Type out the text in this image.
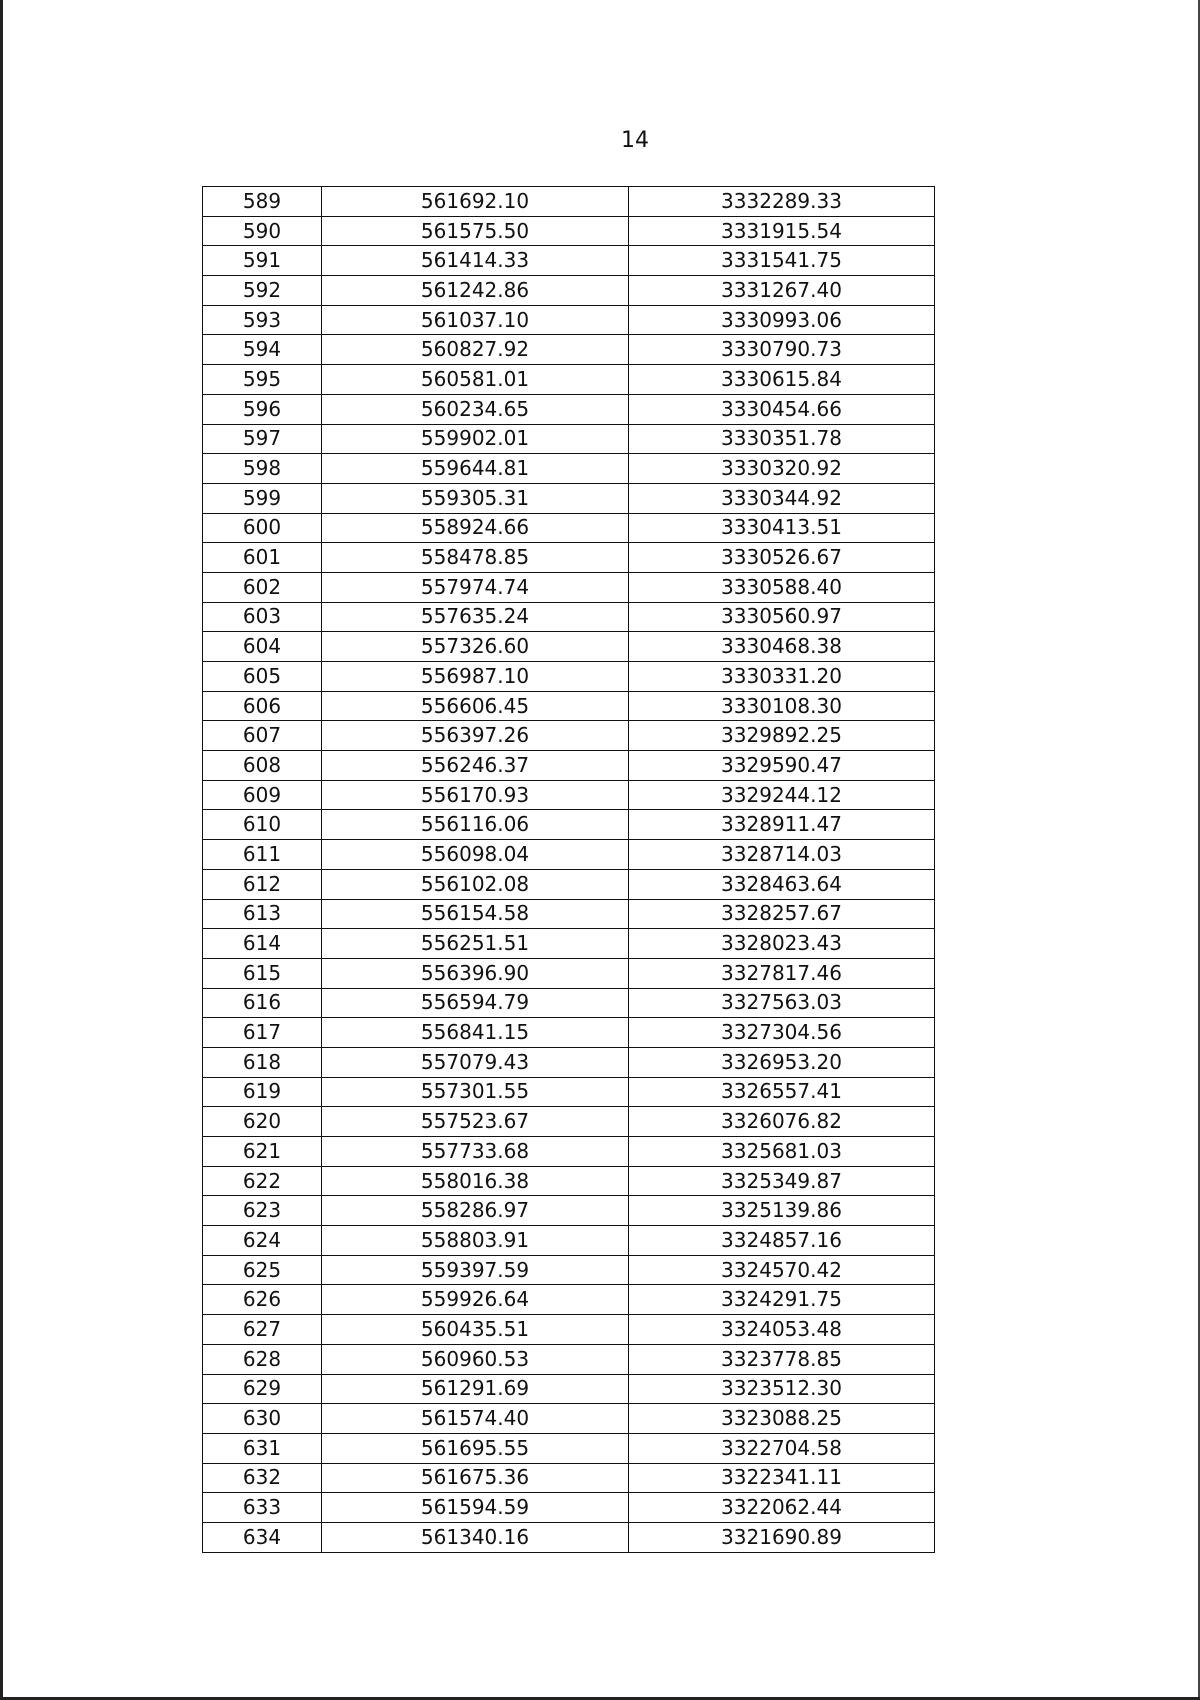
14
589	561692.10	3332289.33
590	561575.50	3331915.54
591	561414.33	3331541.75
592	561242.86	3331267.40
593	561037.10	3330993.06
594	560827.92	3330790.73
595	560581.01	3330615.84
596	560234.65	3330454.66
597	559902.01	3330351.78
598	559644.81	3330320.92
599	559305.31	3330344.92
600	558924.66	3330413.51
601	558478.85	3330526.67
602	557974.74	3330588.40
603	557635.24	3330560.97
604	557326.60	3330468.38
605	556987.10	3330331.20
606	556606.45	3330108.30
607	556397.26	3329892.25
608	556246.37	3329590.47
609	556170.93	3329244.12
610	556116.06	3328911.47
611	556098.04	3328714.03
612	556102.08	3328463.64
613	556154.58	3328257.67
614	556251.51	3328023.43
615	556396.90	3327817.46
616	556594.79	3327563.03
617	556841.15	3327304.56
618	557079.43	3326953.20
619	557301.55	3326557.41
620	557523.67	3326076.82
621	557733.68	3325681.03
622	558016.38	3325349.87
623	558286.97	3325139.86
624	558803.91	3324857.16
625	559397.59	3324570.42
626	559926.64	3324291.75
627	560435.51	3324053.48
628	560960.53	3323778.85
629	561291.69	3323512.30
630	561574.40	3323088.25
631	561695.55	3322704.58
632	561675.36	3322341.11
633	561594.59	3322062.44
634	561340.16	3321690.89
